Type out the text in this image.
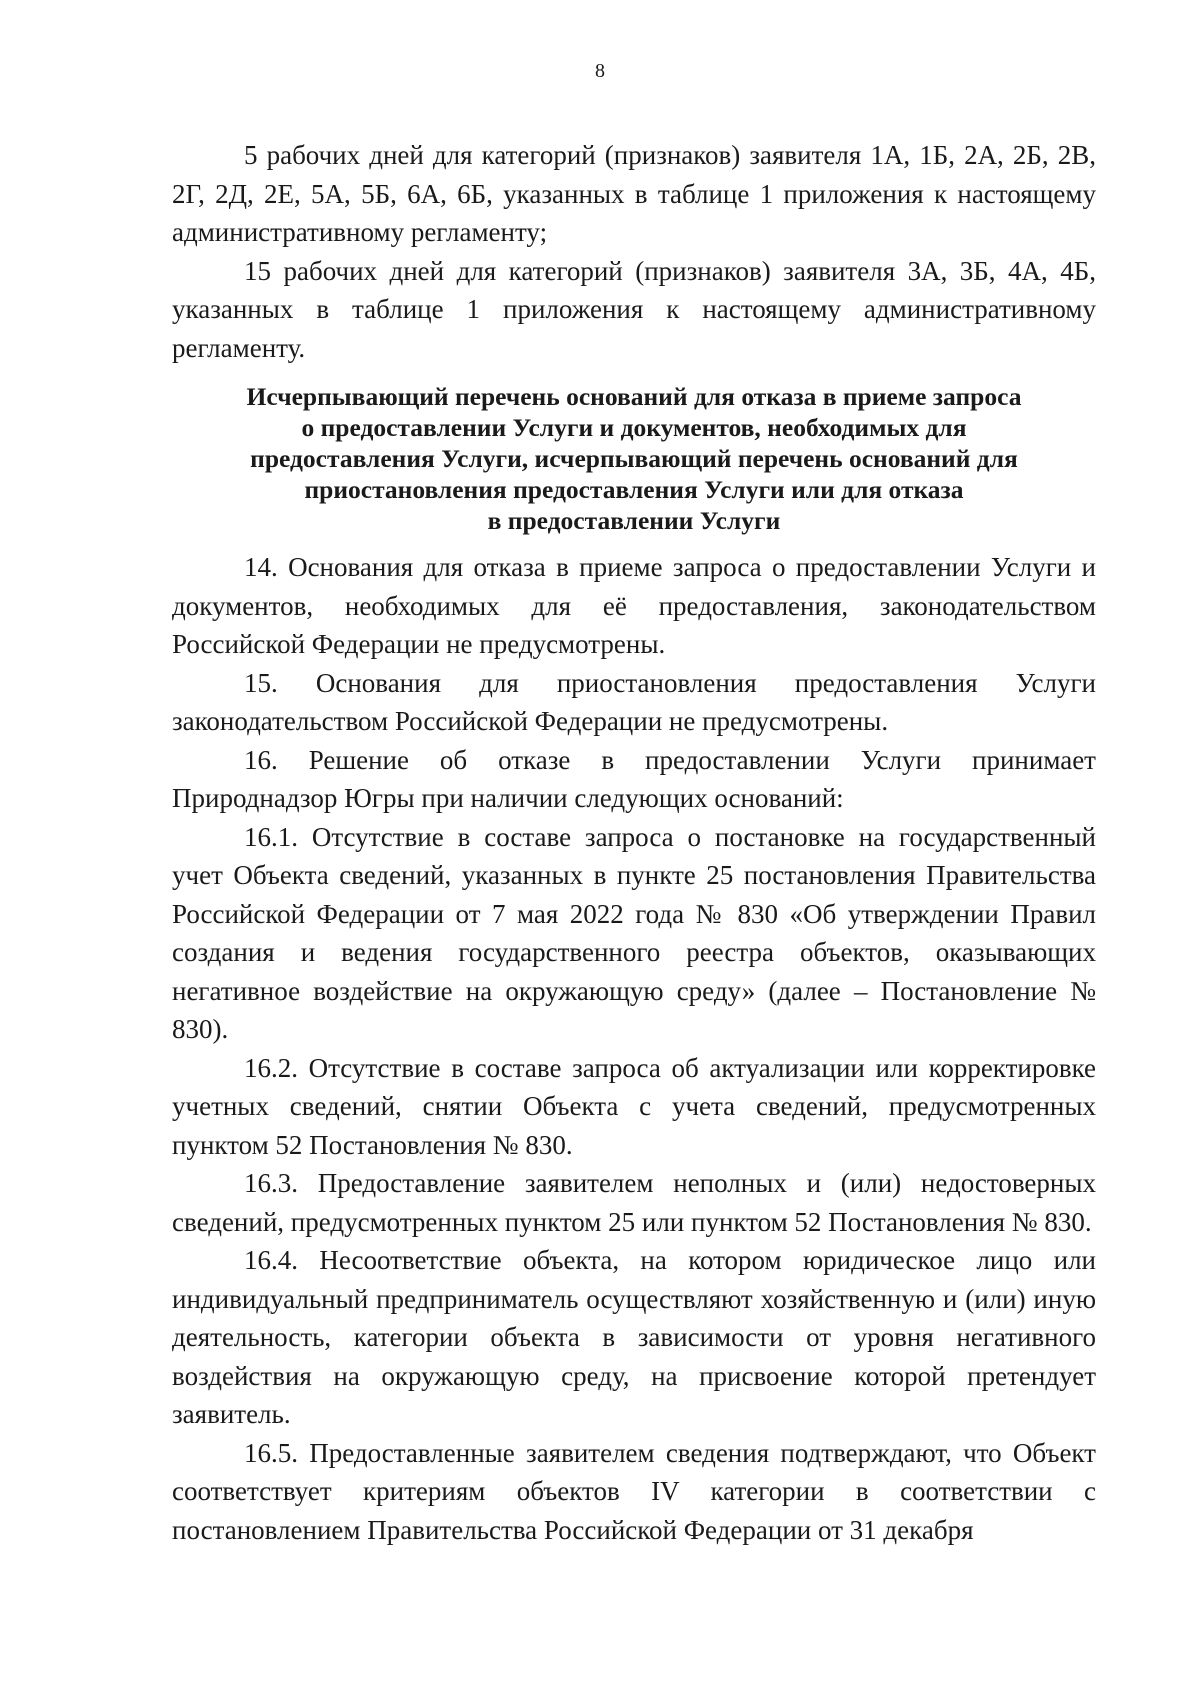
8

5 рабочих дней для категорий (признаков) заявителя 1А, 1Б, 2А, 2Б, 2В, 2Г, 2Д, 2Е, 5А, 5Б, 6А, 6Б, указанных в таблице 1 приложения к настоящему административному регламенту;

15 рабочих дней для категорий (признаков) заявителя 3А, 3Б, 4А, 4Б, указанных в таблице 1 приложения к настоящему административному регламенту.

Исчерпывающий перечень оснований для отказа в приеме запроса
о предоставлении Услуги и документов, необходимых для
предоставления Услуги, исчерпывающий перечень оснований для
приостановления предоставления Услуги или для отказа
в предоставлении Услуги

14. Основания для отказа в приеме запроса о предоставлении Услуги и документов, необходимых для её предоставления, законодательством Российской Федерации не предусмотрены.

15. Основания для приостановления предоставления Услуги законодательством Российской Федерации не предусмотрены.

16. Решение об отказе в предоставлении Услуги принимает Природнадзор Югры при наличии следующих оснований:

16.1. Отсутствие в составе запроса о постановке на государственный учет Объекта сведений, указанных в пункте 25 постановления Правительства Российской Федерации от 7 мая 2022 года № 830 «Об утверждении Правил создания и ведения государственного реестра объектов, оказывающих негативное воздействие на окружающую среду» (далее – Постановление № 830).

16.2. Отсутствие в составе запроса об актуализации или корректировке учетных сведений, снятии Объекта с учета сведений, предусмотренных пунктом 52 Постановления № 830.

16.3. Предоставление заявителем неполных и (или) недостоверных сведений, предусмотренных пунктом 25 или пунктом 52 Постановления № 830.

16.4. Несоответствие объекта, на котором юридическое лицо или индивидуальный предприниматель осуществляют хозяйственную и (или) иную деятельность, категории объекта в зависимости от уровня негативного воздействия на окружающую среду, на присвоение которой претендует заявитель.

16.5. Предоставленные заявителем сведения подтверждают, что Объект соответствует критериям объектов IV категории в соответствии с постановлением Правительства Российской Федерации от 31 декабря
